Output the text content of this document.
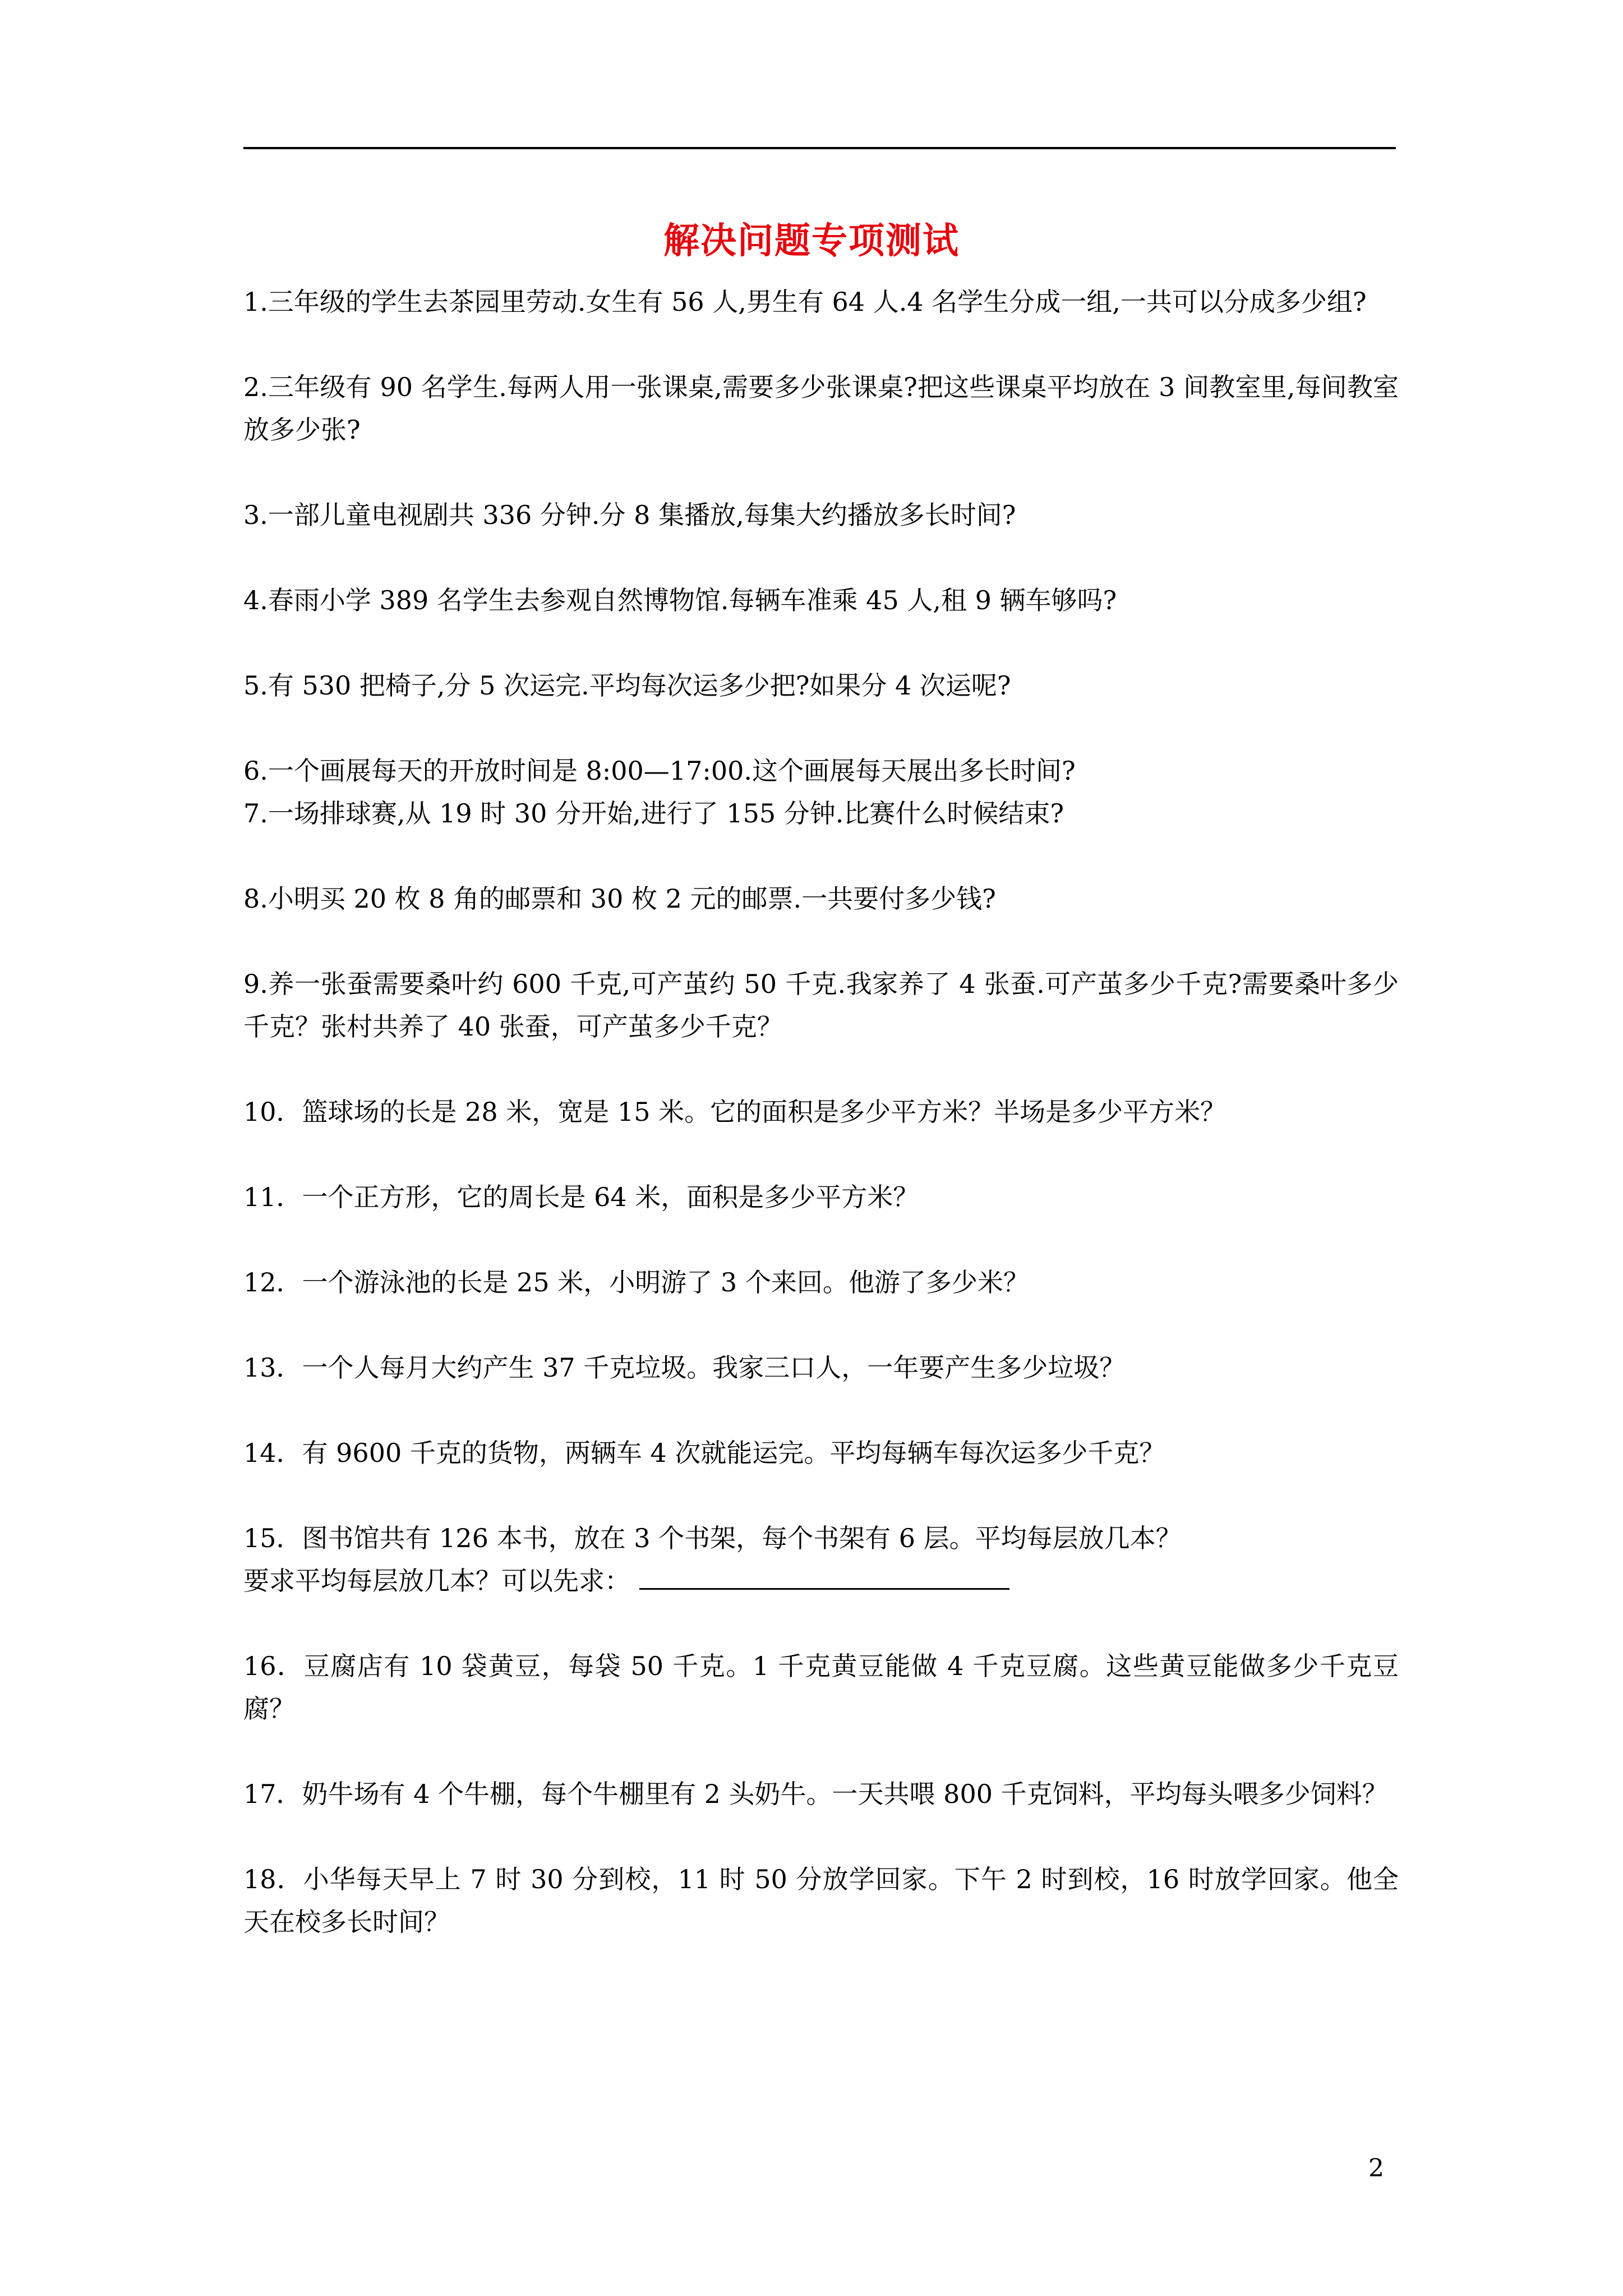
解决问题专项测试

1.三年级的学生去茶园里劳动.女生有 56 人,男生有 64 人.4 名学生分成一组,一共可以分成多少组?

2.三年级有 90 名学生.每两人用一张课桌,需要多少张课桌?把这些课桌平均放在 3 间教室里,每间教室放多少张?

3.一部儿童电视剧共 336 分钟.分 8 集播放,每集大约播放多长时间?

4.春雨小学 389 名学生去参观自然博物馆.每辆车准乘 45 人,租 9 辆车够吗?

5.有 530 把椅子,分 5 次运完.平均每次运多少把?如果分 4 次运呢?

6.一个画展每天的开放时间是 8:00—17:00.这个画展每天展出多长时间?

7.一场排球赛,从 19 时 30 分开始,进行了 155 分钟.比赛什么时候结束?

8.小明买 20 枚 8 角的邮票和 30 枚 2 元的邮票.一共要付多少钱?

9.养一张蚕需要桑叶约 600 千克,可产茧约 50 千克.我家养了 4 张蚕.可产茧多少千克?需要桑叶多少千克？张村共养了 40 张蚕，可产茧多少千克？

10．篮球场的长是 28 米，宽是 15 米。它的面积是多少平方米？半场是多少平方米？

11．一个正方形，它的周长是 64 米，面积是多少平方米？

12．一个游泳池的长是 25 米，小明游了 3 个来回。他游了多少米？

13．一个人每月大约产生 37 千克垃圾。我家三口人，一年要产生多少垃圾？

14．有 9600 千克的货物，两辆车 4 次就能运完。平均每辆车每次运多少千克？

15．图书馆共有 126 本书，放在 3 个书架，每个书架有 6 层。平均每层放几本？

要求平均每层放几本？可以先求：

16．豆腐店有 10 袋黄豆，每袋 50 千克。1 千克黄豆能做 4 千克豆腐。这些黄豆能做多少千克豆腐？

17．奶牛场有 4 个牛棚，每个牛棚里有 2 头奶牛。一天共喂 800 千克饲料，平均每头喂多少饲料？

18．小华每天早上 7 时 30 分到校，11 时 50 分放学回家。下午 2 时到校，16 时放学回家。他全天在校多长时间？

2
